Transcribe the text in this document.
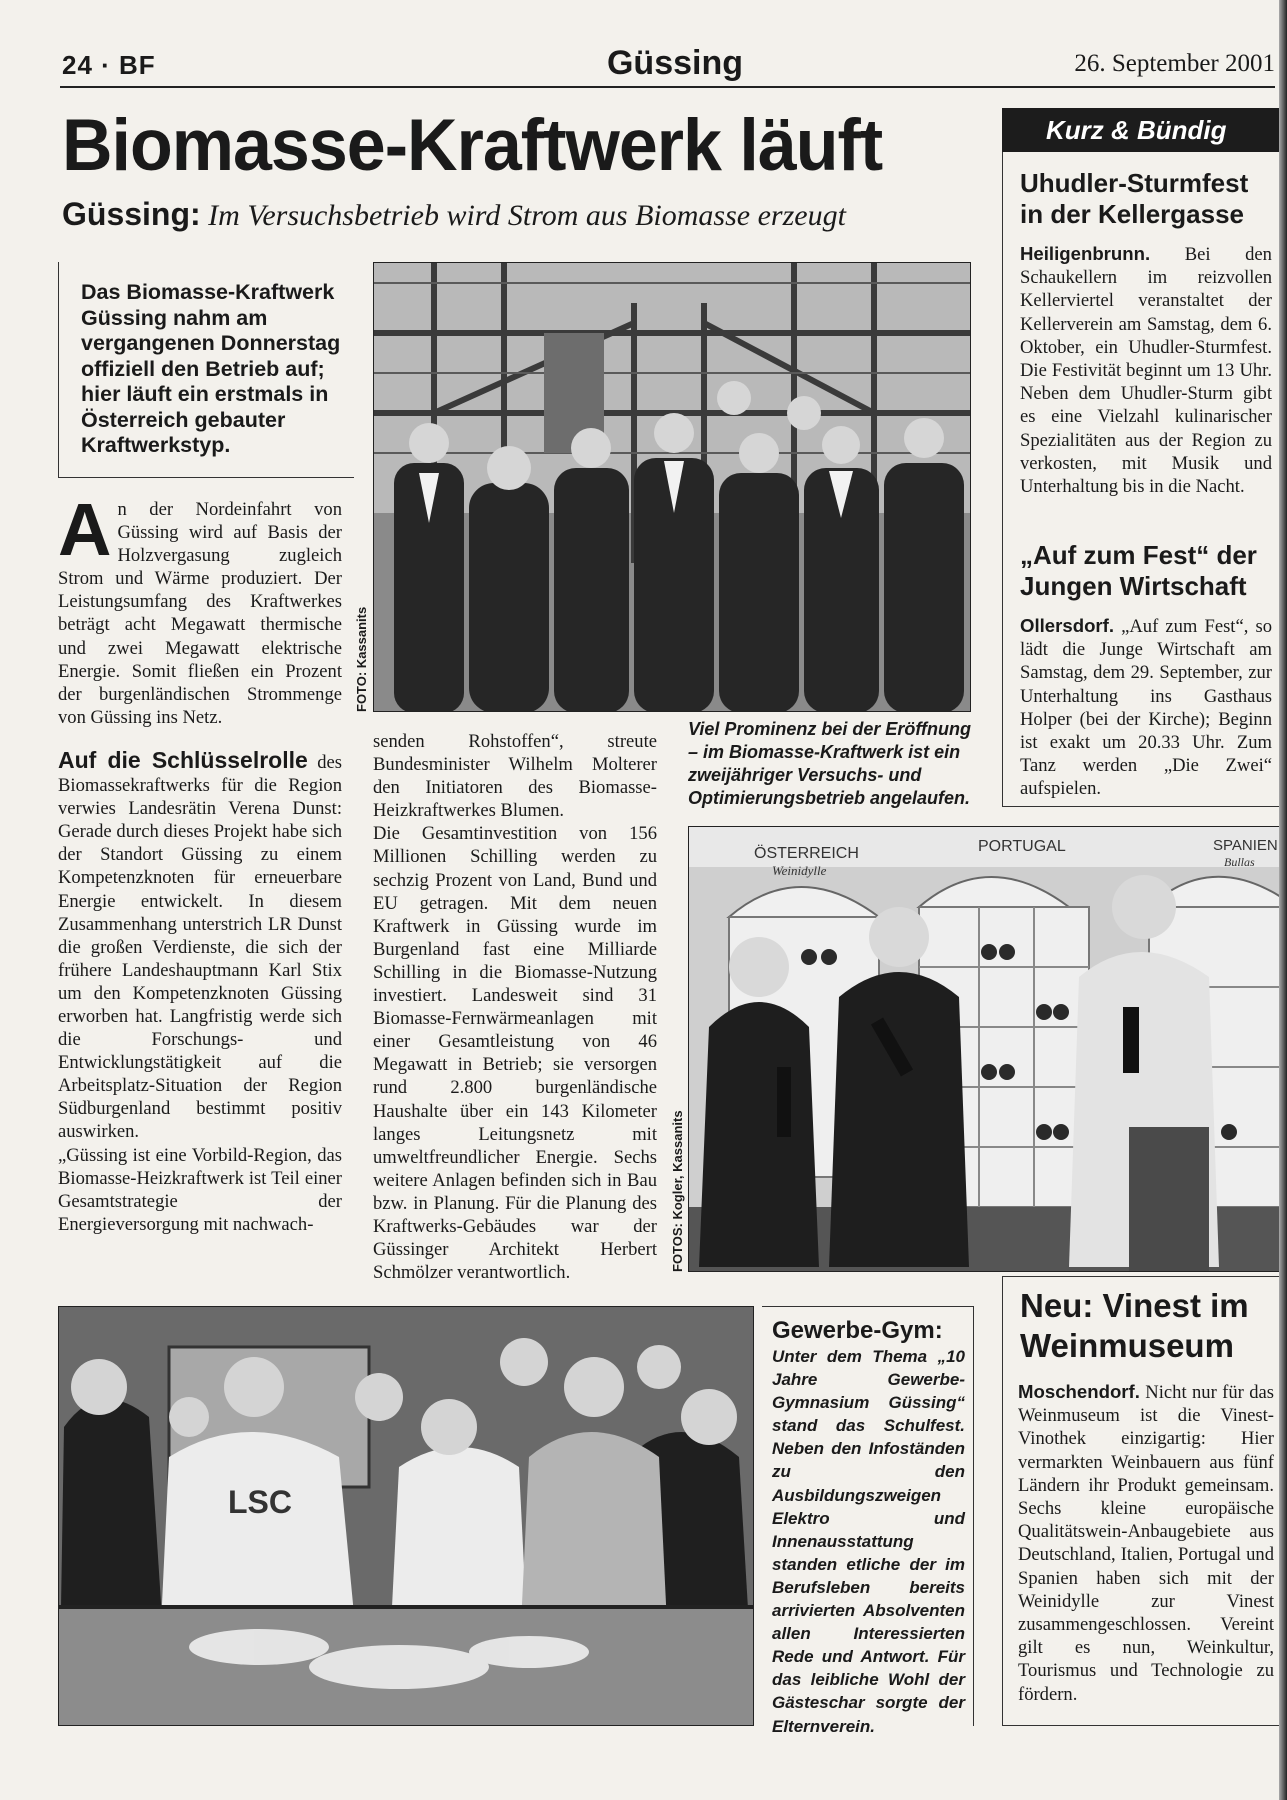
24 · BF	Güssing	26. September 2001
Biomasse-Kraftwerk läuft
Güssing: Im Versuchsbetrieb wird Strom aus Biomasse erzeugt
Das Biomasse-Kraftwerk Güssing nahm am vergangenen Donnerstag offiziell den Betrieb auf; hier läuft ein erstmals in Österreich gebauter Kraftwerkstyp.

An der Nordeinfahrt von Güssing wird auf Basis der Holzvergasung zugleich Strom und Wärme produziert. Der Leistungsumfang des Kraftwerkes beträgt acht Megawatt thermische und zwei Megawatt elektrische Energie. Somit fließen ein Prozent der burgenländischen Strommenge von Güssing ins Netz.

Auf die Schlüsselrolle des Biomassekraftwerks für die Region verwies Landesrätin Verena Dunst: Gerade durch dieses Projekt habe sich der Standort Güssing zu einem Kompetenzknoten für erneuerbare Energie entwickelt. In diesem Zusammenhang unterstrich LR Dunst die großen Verdienste, die sich der frühere Landeshauptmann Karl Stix um den Kompetenzknoten Güssing erworben hat. Langfristig werde sich die Forschungs- und Entwicklungstätigkeit auf die Arbeitsplatz-Situation der Region Südburgenland bestimmt positiv auswirken.

„Güssing ist eine Vorbild-Region, das Biomasse-Heizkraftwerk ist Teil einer Gesamtstrategie der Energieversorgung mit nachwach-

FOTO: Kassanits

senden Rohstoffen“, streute Bundesminister Wilhelm Molterer den Initiatoren des Biomasse-Heizkraftwerkes Blumen.

Die Gesamtinvestition von 156 Millionen Schilling werden zu sechzig Prozent von Land, Bund und EU getragen. Mit dem neuen Kraftwerk in Güssing wurde im Burgenland fast eine Milliarde Schilling in die Biomasse-Nutzung investiert. Landesweit sind 31 Biomasse-Fernwärmeanlagen mit einer Gesamtleistung von 46 Megawatt in Betrieb; sie versorgen rund 2.800 burgenländische Haushalte über ein 143 Kilometer langes Leitungsnetz mit umweltfreundlicher Energie. Sechs weitere Anlagen befinden sich in Bau bzw. in Planung. Für die Planung des Kraftwerks-Gebäudes war der Güssinger Architekt Herbert Schmölzer verantwortlich.

Viel Prominenz bei der Eröffnung – im Biomasse-Kraftwerk ist ein zweijähriger Versuchs- und Optimierungsbetrieb angelaufen.
Kurz & Bündig
Uhudler-Sturmfest in der Kellergasse
Heiligenbrunn. Bei den Schaukellern im reizvollen Kellerviertel veranstaltet der Kellerverein am Samstag, dem 6. Oktober, ein Uhudler-Sturmfest. Die Festivität beginnt um 13 Uhr. Neben dem Uhudler-Sturm gibt es eine Vielzahl kulinarischer Spezialitäten aus der Region zu verkosten, mit Musik und Unterhaltung bis in die Nacht.
„Auf zum Fest“ der Jungen Wirtschaft
Ollersdorf. „Auf zum Fest“, so lädt die Junge Wirtschaft am Samstag, dem 29. September, zur Unterhaltung ins Gasthaus Holper (bei der Kirche); Beginn ist exakt um 20.33 Uhr. Zum Tanz werden „Die Zwei“ aufspielen.
ÖSTERREICH
Weinidylle
PORTUGAL	SPANIEN
Bullas
FOTOS: Kogler, Kassanits
Neu: Vinest im Weinmuseum
Moschendorf. Nicht nur für das Weinmuseum ist die Vinest-Vinothek einzigartig: Hier vermarkten Weinbauern aus fünf Ländern ihr Produkt gemeinsam. Sechs kleine europäische Qualitätswein-Anbaugebiete aus Deutschland, Italien, Portugal und Spanien haben sich mit der Weinidylle zur Vinest zusammengeschlossen. Vereint gilt es nun, Weinkultur, Tourismus und Technologie zu fördern.
LSC
Gewerbe-Gym:
Unter dem Thema „10 Jahre Gewerbe-Gymnasium Güssing“ stand das Schulfest. Neben den Infoständen zu den Ausbildungszweigen Elektro und Innenausstattung standen etliche der im Berufsleben bereits arrivierten Absolventen allen Interessierten Rede und Antwort. Für das leibliche Wohl der Gästeschar sorgte der Elternverein.
